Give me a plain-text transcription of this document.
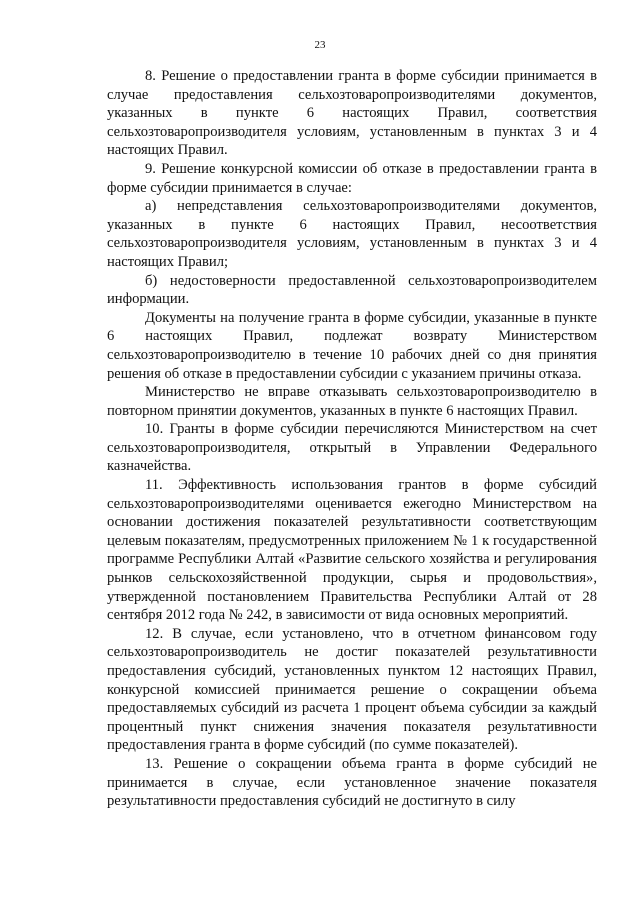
23

8. Решение о предоставлении гранта в форме субсидии принимается в случае предоставления сельхозтоваропроизводителями документов, указанных в пункте 6 настоящих Правил, соответствия сельхозтоваропроизводителя условиям, установленным в пунктах 3 и 4 настоящих Правил.

9. Решение конкурсной комиссии об отказе в предоставлении гранта в форме субсидии принимается в случае:

а) непредставления сельхозтоваропроизводителями документов, указанных в пункте 6 настоящих Правил, несоответствия сельхозтоваропроизводителя условиям, установленным в пунктах 3 и 4 настоящих Правил;

б) недостоверности предоставленной сельхозтоваропроизводителем информации.

Документы на получение гранта в форме субсидии, указанные в пункте 6 настоящих Правил, подлежат возврату Министерством сельхозтоваропроизводителю в течение 10 рабочих дней со дня принятия решения об отказе в предоставлении субсидии с указанием причины отказа.

Министерство не вправе отказывать сельхозтоваропроизводителю в повторном принятии документов, указанных в пункте 6 настоящих Правил.

10. Гранты в форме субсидии перечисляются Министерством на счет сельхозтоваропроизводителя, открытый в Управлении Федерального казначейства.

11. Эффективность использования грантов в форме субсидий сельхозтоваропроизводителями оценивается ежегодно Министерством на основании достижения показателей результативности соответствующим целевым показателям, предусмотренных приложением № 1 к государственной программе Республики Алтай «Развитие сельского хозяйства и регулирования рынков сельскохозяйственной продукции, сырья и продовольствия», утвержденной постановлением Правительства Республики Алтай от 28 сентября 2012 года № 242, в зависимости от вида основных мероприятий.

12. В случае, если установлено, что в отчетном финансовом году сельхозтоваропроизводитель не достиг показателей результативности предоставления субсидий, установленных пунктом 12 настоящих Правил, конкурсной комиссией принимается решение о сокращении объема предоставляемых субсидий из расчета 1 процент объема субсидии за каждый процентный пункт снижения значения показателя результативности предоставления гранта в форме субсидий (по сумме показателей).

13. Решение о сокращении объема гранта в форме субсидий не принимается в случае, если установленное значение показателя результативности предоставления субсидий не достигнуто в силу
